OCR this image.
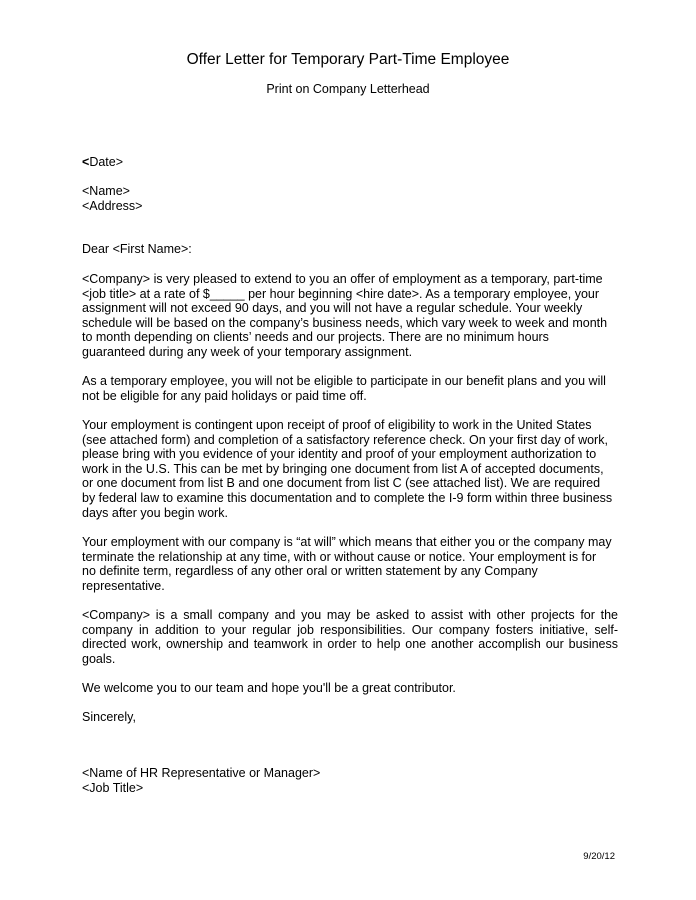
Offer Letter for Temporary Part-Time Employee
Print on Company Letterhead
<Date>
<Name>
<Address>
Dear <First Name>:
<Company> is very pleased to extend to you an offer of employment as a temporary, part-time
<job title> at a rate of $_____ per hour beginning <hire date>. As a temporary employee, your
assignment will not exceed 90 days, and you will not have a regular schedule. Your weekly
schedule will be based on the company’s business needs, which vary week to week and month
to month depending on clients’ needs and our projects. There are no minimum hours
guaranteed during any week of your temporary assignment.
As a temporary employee, you will not be eligible to participate in our benefit plans and you will
not be eligible for any paid holidays or paid time off.
Your employment is contingent upon receipt of proof of eligibility to work in the United States
(see attached form) and completion of a satisfactory reference check. On your first day of work,
please bring with you evidence of your identity and proof of your employment authorization to
work in the U.S. This can be met by bringing one document from list A of accepted documents,
or one document from list B and one document from list C (see attached list). We are required
by federal law to examine this documentation and to complete the I-9 form within three business
days after you begin work.
Your employment with our company is “at will” which means that either you or the company may
terminate the relationship at any time, with or without cause or notice. Your employment is for
no definite term, regardless of any other oral or written statement by any Company
representative.
<Company> is a small company and you may be asked to assist with other projects for the
company in addition to your regular job responsibilities. Our company fosters initiative, self-
directed work, ownership and teamwork in order to help one another accomplish our business
goals.
We welcome you to our team and hope you'll be a great contributor.
Sincerely,
<Name of HR Representative or Manager>
<Job Title>
9/20/12
